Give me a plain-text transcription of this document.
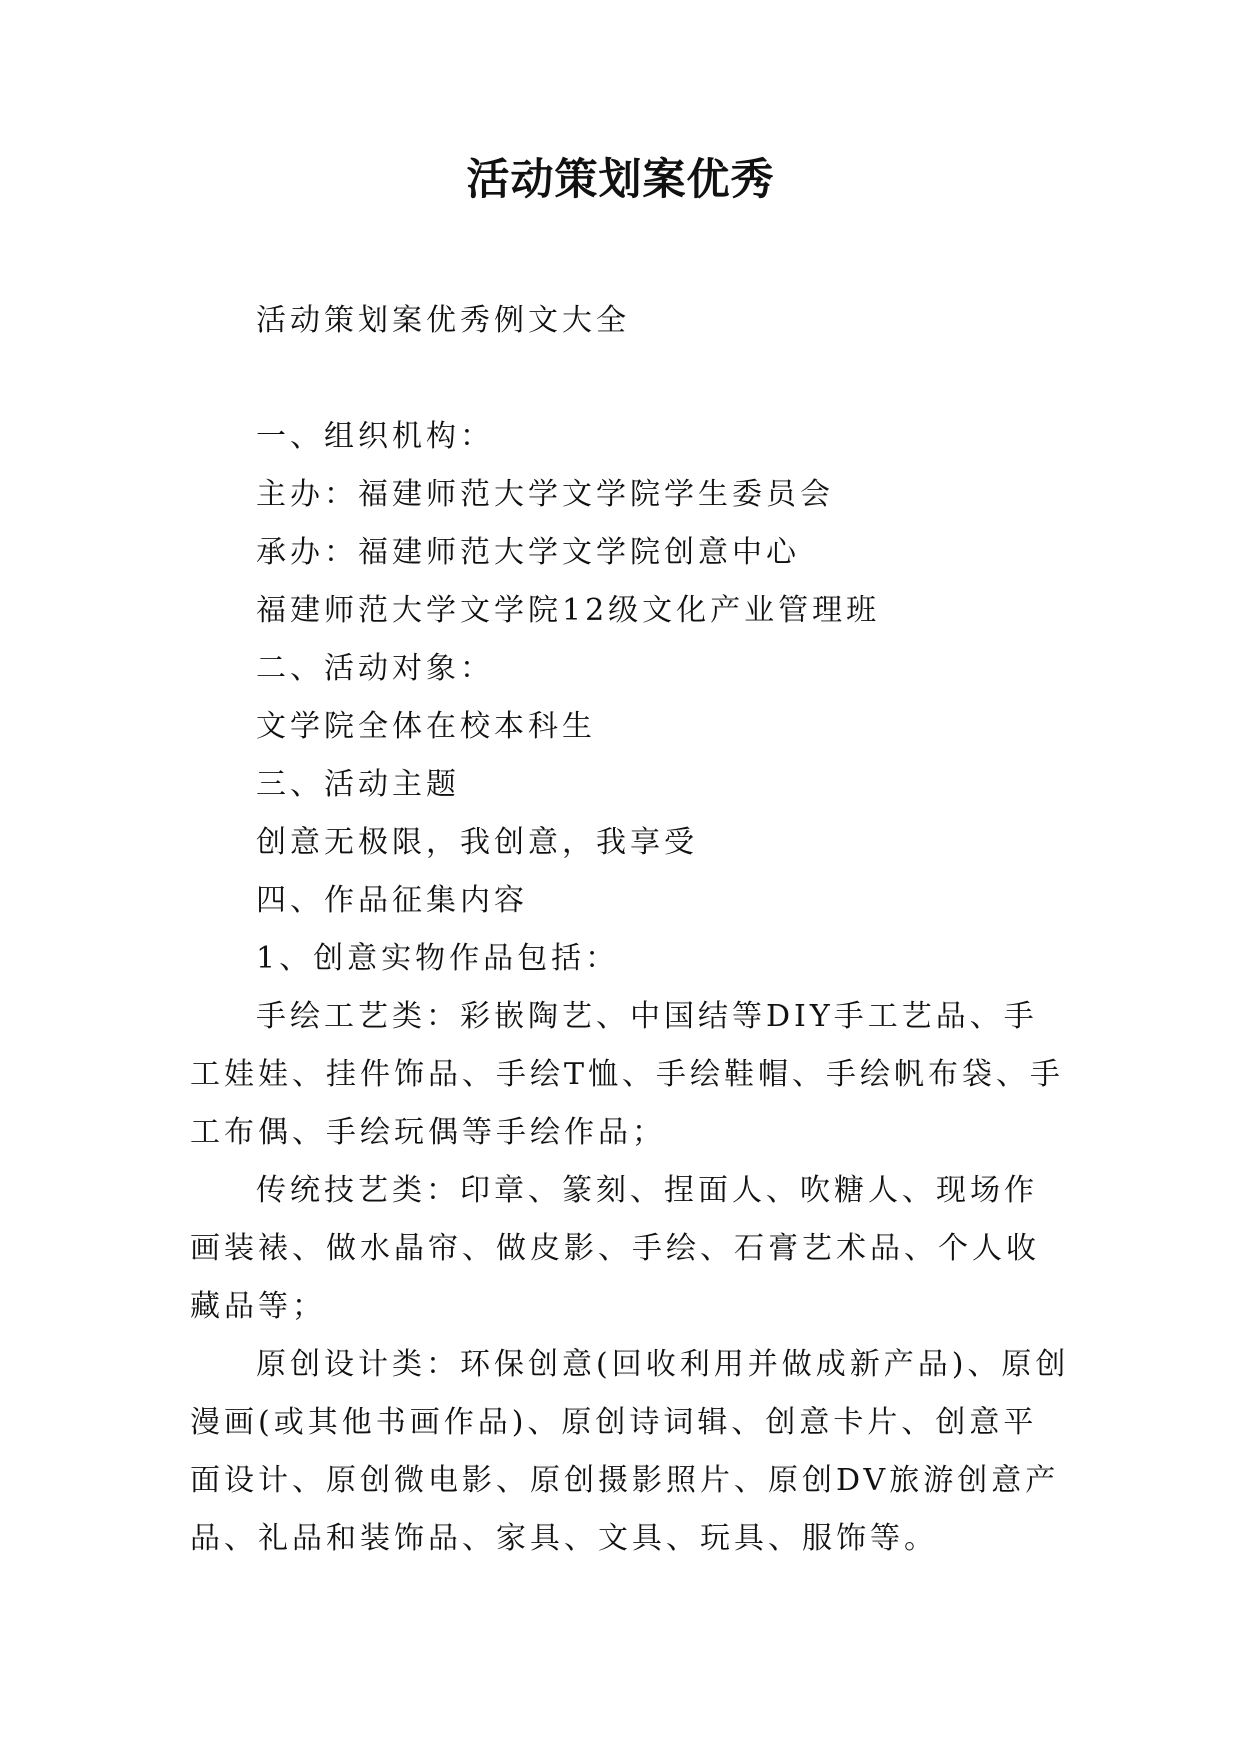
活动策划案优秀

活动策划案优秀例文大全

一、组织机构：

主办：福建师范大学文学院学生委员会

承办：福建师范大学文学院创意中心

福建师范大学文学院12级文化产业管理班

二、活动对象：

文学院全体在校本科生

三、活动主题

创意无极限，我创意，我享受

四、作品征集内容

1、创意实物作品包括：

手绘工艺类：彩嵌陶艺、中国结等DIY手工艺品、手工娃娃、挂件饰品、手绘T恤、手绘鞋帽、手绘帆布袋、手工布偶、手绘玩偶等手绘作品；

传统技艺类：印章、篆刻、捏面人、吹糖人、现场作画装裱、做水晶帘、做皮影、手绘、石膏艺术品、个人收藏品等；

原创设计类：环保创意(回收利用并做成新产品)、原创漫画(或其他书画作品)、原创诗词辑、创意卡片、创意平面设计、原创微电影、原创摄影照片、原创DV旅游创意产品、礼品和装饰品、家具、文具、玩具、服饰等。
